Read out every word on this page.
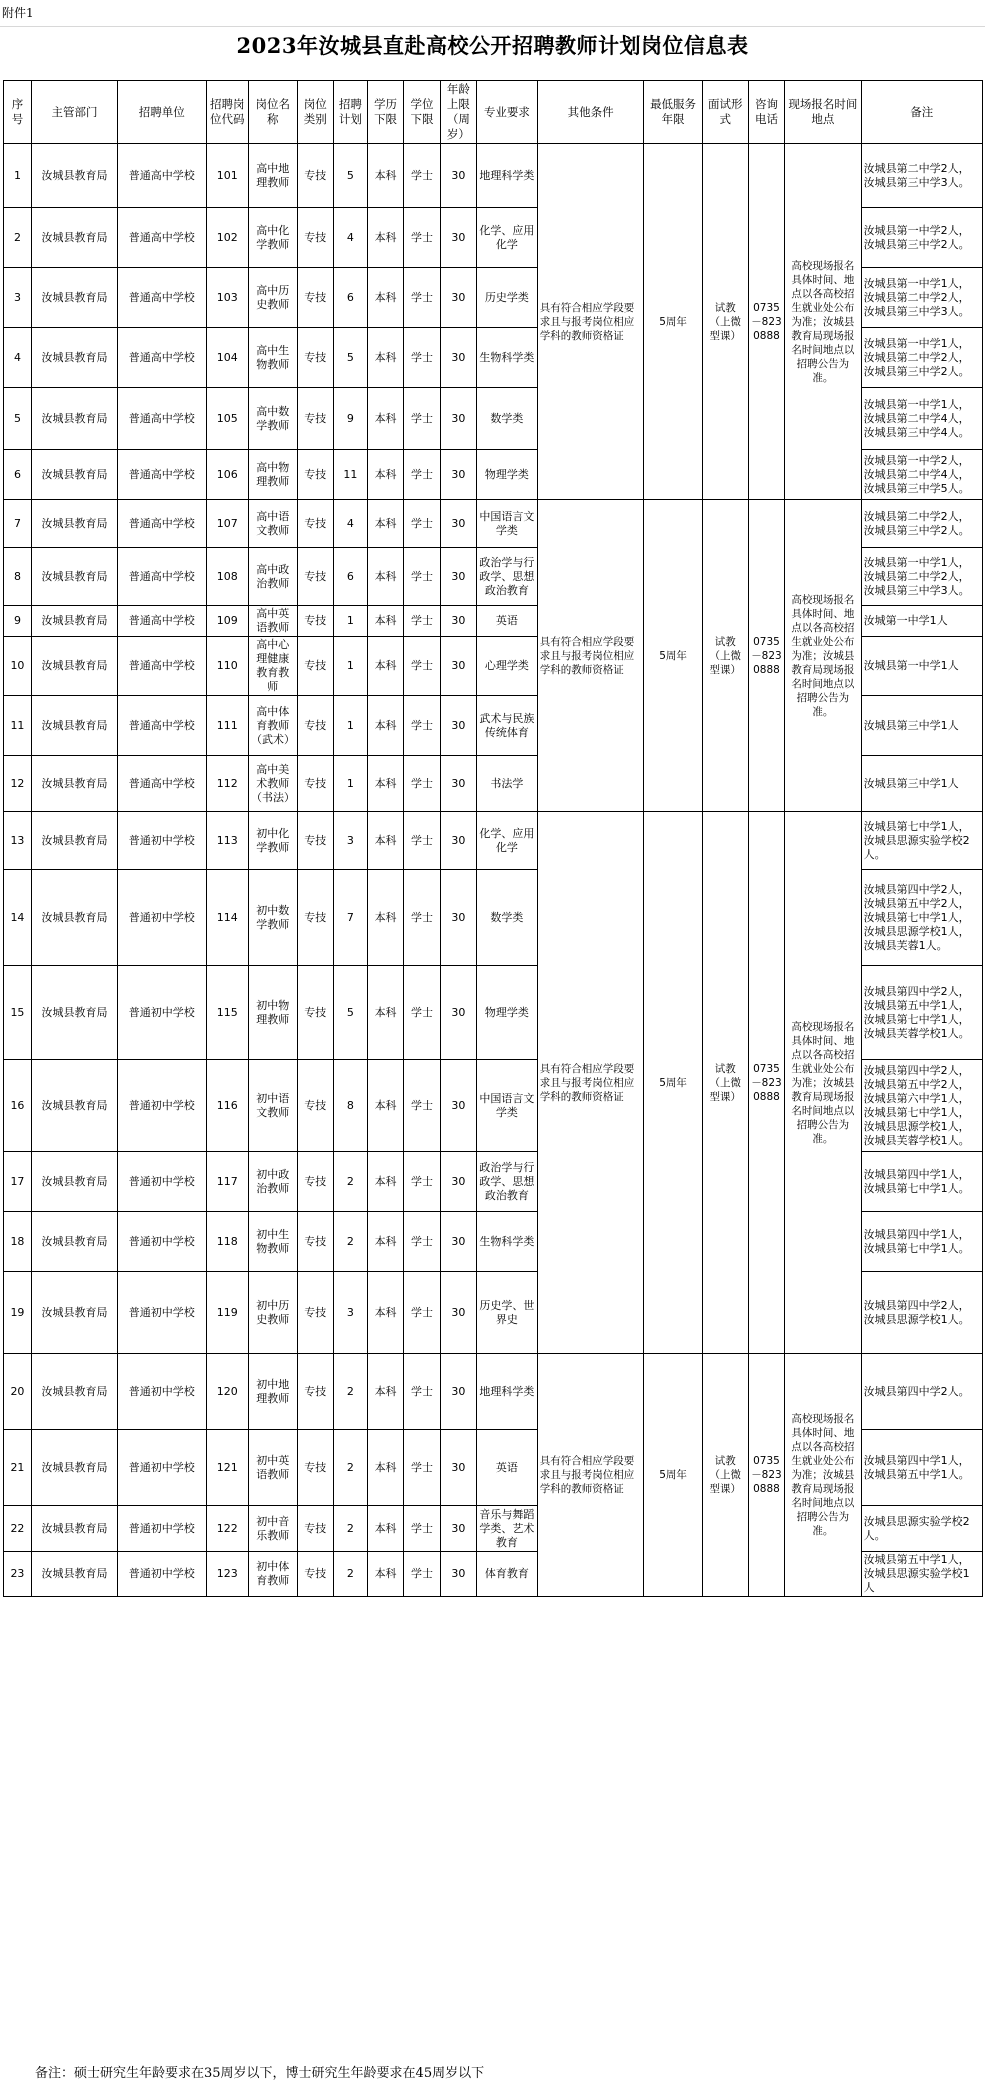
附件1
2023年汝城县直赴高校公开招聘教师计划岗位信息表
序号	主管部门	招聘单位	招聘岗位代码	岗位名称	岗位类别	招聘计划	学历下限	学位下限	年龄上限（周岁）	专业要求	其他条件	最低服务年限	面试形式	咨询电话	现场报名时间地点	备注
1	汝城县教育局	普通高中学校	101	高中地理教师	专技	5	本科	学士	30	地理科学类	具有符合相应学段要求且与报考岗位相应学科的教师资格证	5周年	试教（上微型课）	0735－8230888	高校现场报名具体时间、地点以各高校招生就业处公布为准；汝城县教育局现场报名时间地点以招聘公告为准。	汝城县第二中学2人，汝城县第三中学3人。
2	汝城县教育局	普通高中学校	102	高中化学教师	专技	4	本科	学士	30	化学、应用化学						汝城县第一中学2人，汝城县第三中学2人。
3	汝城县教育局	普通高中学校	103	高中历史教师	专技	6	本科	学士	30	历史学类						汝城县第一中学1人，汝城县第二中学2人，汝城县第三中学3人。
4	汝城县教育局	普通高中学校	104	高中生物教师	专技	5	本科	学士	30	生物科学类						汝城县第一中学1人，汝城县第二中学2人，汝城县第三中学2人。
5	汝城县教育局	普通高中学校	105	高中数学教师	专技	9	本科	学士	30	数学类						汝城县第一中学1人，汝城县第二中学4人，汝城县第三中学4人。
6	汝城县教育局	普通高中学校	106	高中物理教师	专技	11	本科	学士	30	物理学类						汝城县第一中学2人，汝城县第二中学4人，汝城县第三中学5人。
7	汝城县教育局	普通高中学校	107	高中语文教师	专技	4	本科	学士	30	中国语言文学类	具有符合相应学段要求且与报考岗位相应学科的教师资格证	5周年	试教（上微型课）	0735－8230888	高校现场报名具体时间、地点以各高校招生就业处公布为准；汝城县教育局现场报名时间地点以招聘公告为准。	汝城县第二中学2人，汝城县第三中学2人。
8	汝城县教育局	普通高中学校	108	高中政治教师	专技	6	本科	学士	30	政治学与行政学、思想政治教育						汝城县第一中学1人，汝城县第二中学2人，汝城县第三中学3人。
9	汝城县教育局	普通高中学校	109	高中英语教师	专技	1	本科	学士	30	英语						汝城第一中学1人
10	汝城县教育局	普通高中学校	110	高中心理健康教育教师	专技	1	本科	学士	30	心理学类						汝城县第一中学1人
11	汝城县教育局	普通高中学校	111	高中体育教师（武术）	专技	1	本科	学士	30	武术与民族传统体育						汝城县第三中学1人
12	汝城县教育局	普通高中学校	112	高中美术教师（书法）	专技	1	本科	学士	30	书法学						汝城县第三中学1人
13	汝城县教育局	普通初中学校	113	初中化学教师	专技	3	本科	学士	30	化学、应用化学	具有符合相应学段要求且与报考岗位相应学科的教师资格证	5周年	试教（上微型课）	0735－8230888	高校现场报名具体时间、地点以各高校招生就业处公布为准；汝城县教育局现场报名时间地点以招聘公告为准。	汝城县第七中学1人，汝城县思源实验学校2人。
14	汝城县教育局	普通初中学校	114	初中数学教师	专技	7	本科	学士	30	数学类						汝城县第四中学2人，汝城县第五中学2人，汝城县第七中学1人，汝城县思源学校1人，汝城县芙蓉1人。
15	汝城县教育局	普通初中学校	115	初中物理教师	专技	5	本科	学士	30	物理学类						汝城县第四中学2人，汝城县第五中学1人，汝城县第七中学1人，汝城县芙蓉学校1人。
16	汝城县教育局	普通初中学校	116	初中语文教师	专技	8	本科	学士	30	中国语言文学类						汝城县第四中学2人，汝城县第五中学2人，汝城县第六中学1人，汝城县第七中学1人，汝城县思源学校1人，汝城县芙蓉学校1人。
17	汝城县教育局	普通初中学校	117	初中政治教师	专技	2	本科	学士	30	政治学与行政学、思想政治教育						汝城县第四中学1人，汝城县第七中学1人。
18	汝城县教育局	普通初中学校	118	初中生物教师	专技	2	本科	学士	30	生物科学类						汝城县第四中学1人，汝城县第七中学1人。
19	汝城县教育局	普通初中学校	119	初中历史教师	专技	3	本科	学士	30	历史学、世界史						汝城县第四中学2人，汝城县思源学校1人。
20	汝城县教育局	普通初中学校	120	初中地理教师	专技	2	本科	学士	30	地理科学类	具有符合相应学段要求且与报考岗位相应学科的教师资格证	5周年	试教（上微型课）	0735－8230888	高校现场报名具体时间、地点以各高校招生就业处公布为准；汝城县教育局现场报名时间地点以招聘公告为准。	汝城县第四中学2人。
21	汝城县教育局	普通初中学校	121	初中英语教师	专技	2	本科	学士	30	英语						汝城县第四中学1人，汝城县第五中学1人。
22	汝城县教育局	普通初中学校	122	初中音乐教师	专技	2	本科	学士	30	音乐与舞蹈学类、艺术教育						汝城县思源实验学校2人。
23	汝城县教育局	普通初中学校	123	初中体育教师	专技	2	本科	学士	30	体育教育						汝城县第五中学1人，汝城县思源实验学校1人
备注：硕士研究生年龄要求在35周岁以下，博士研究生年龄要求在45周岁以下
